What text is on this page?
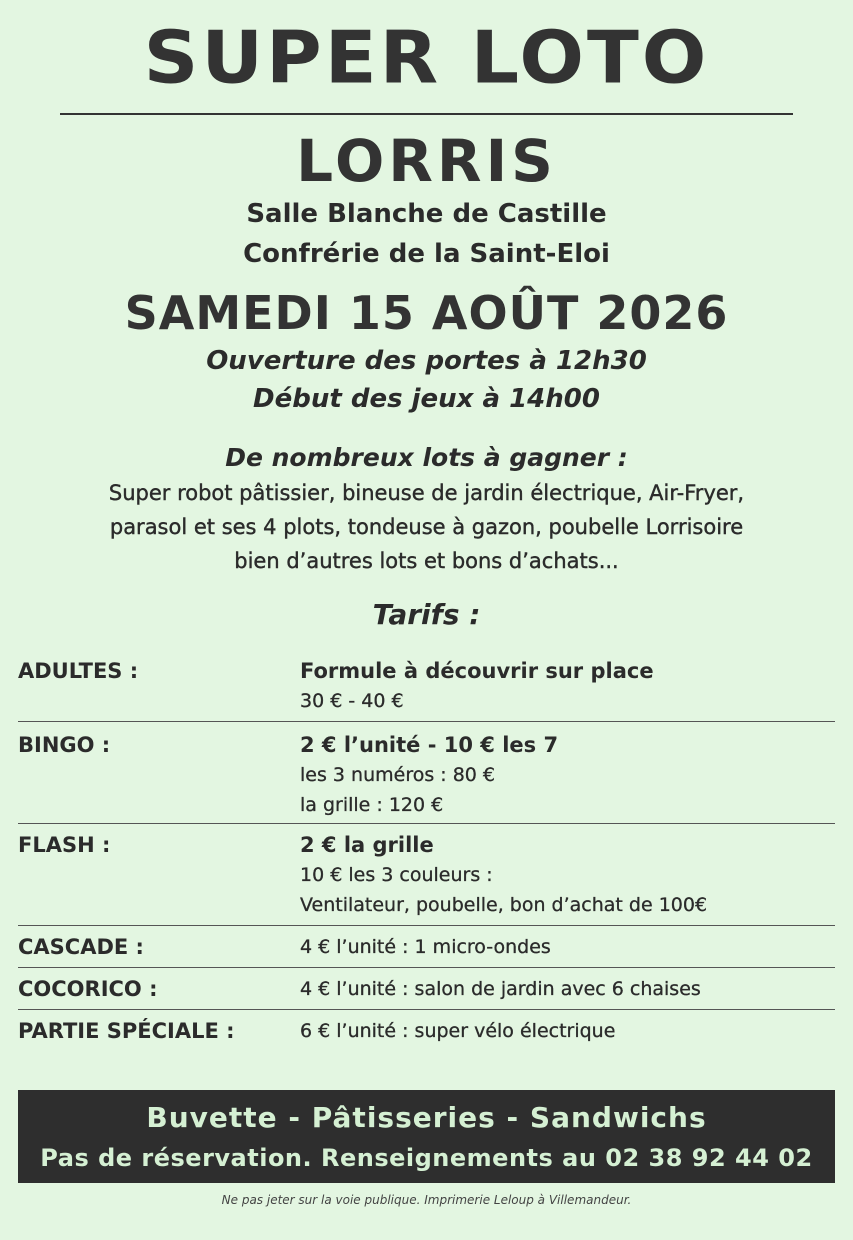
SUPER LOTO
LORRIS
Salle Blanche de Castille
Confrérie de la Saint-Eloi
SAMEDI 15 AOÛT 2026
Ouverture des portes à 12h30
Début des jeux à 14h00
De nombreux lots à gagner :
Super robot pâtissier, bineuse de jardin électrique, Air-Fryer,
parasol et ses 4 plots, tondeuse à gazon, poubelle Lorrisoire
bien d’autres lots et bons d’achats...
Tarifs :
ADULTES :	Formule à découvrir sur place
30 € - 40 €
BINGO :	2 € l’unité - 10 € les 7
les 3 numéros : 80 €
la grille : 120 €
FLASH :	2 € la grille
10 € les 3 couleurs :
Ventilateur, poubelle, bon d’achat de 100€
CASCADE :	4 € l’unité : 1 micro-ondes
COCORICO :	4 € l’unité : salon de jardin avec 6 chaises
PARTIE SPÉCIALE :	6 € l’unité : super vélo électrique
Buvette - Pâtisseries - Sandwichs
Pas de réservation. Renseignements au 02 38 92 44 02
Ne pas jeter sur la voie publique. Imprimerie Leloup à Villemandeur.
